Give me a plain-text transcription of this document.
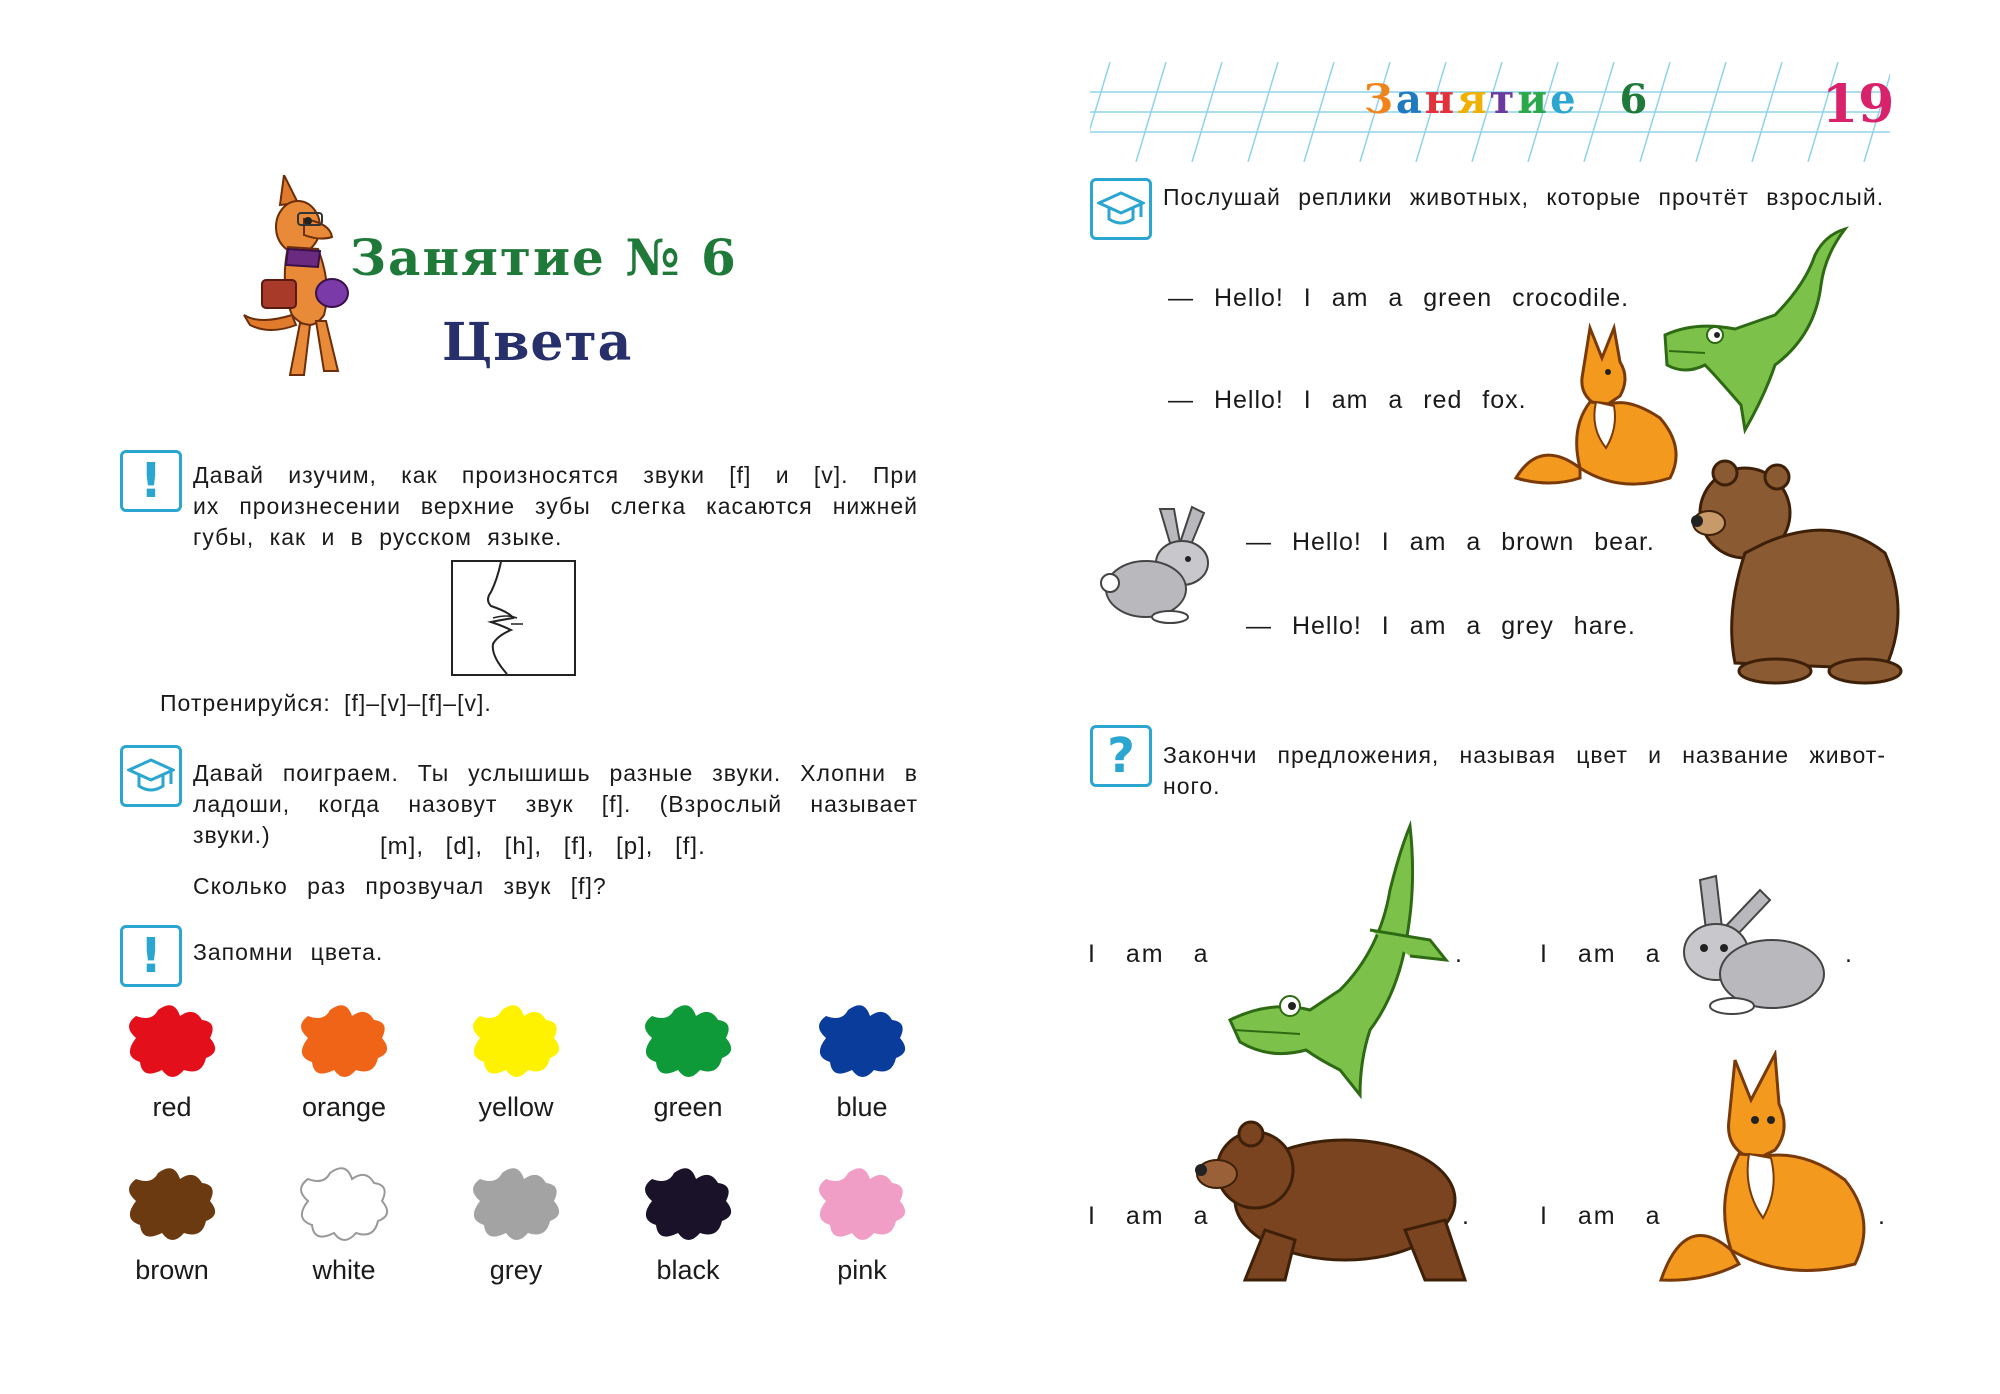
Занятие № 6
Цвета
! Давай изучим, как произносятся звуки [f] и [v]. При
их произнесении верхние зубы слегка касаются нижней
губы, как и в русском языке.
Потренируйся: [f]–[v]–[f]–[v].
Давай поиграем. Ты услышишь разные звуки. Хлопни в
ладоши, когда назовут звук [f]. (Взрослый называет звуки.)	[m], [d], [h], [f], [p], [f].
Сколько раз прозвучал звук [f]?
! Запомни цвета.
red	orange	yellow	green	blue
brown	white	grey	black	pink
Занятие 6	19
Послушай реплики животных, которые прочтёт взрослый.
— Hello! I am a green crocodile.
— Hello! I am a red fox.
— Hello! I am a brown bear.
— Hello! I am a grey hare.
? Закончи предложения, называя цвет и название живот-
ного.
I am a	.	I am a	.
I am a	.	I am a	.
